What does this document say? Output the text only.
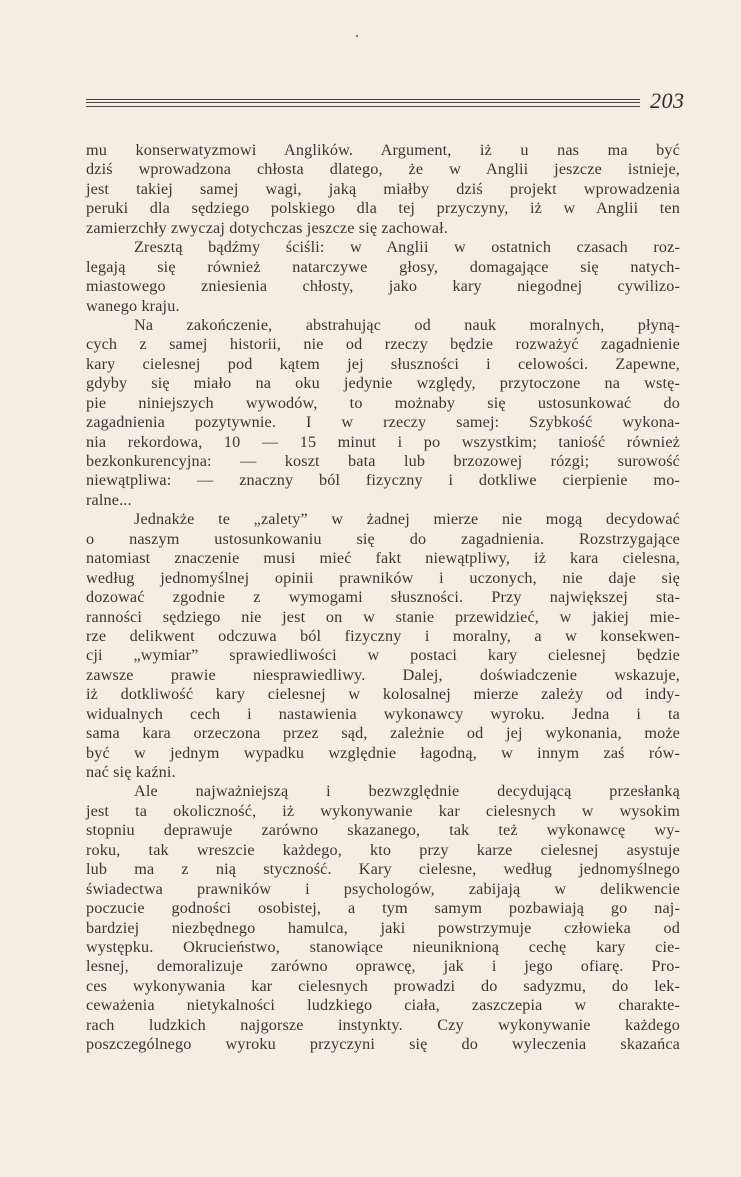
203
mu konserwatyzmowi Anglików. Argument, iż u nas ma być
dziś wprowadzona chłosta dlatego, że w Anglii jeszcze istnieje,
jest takiej samej wagi, jaką miałby dziś projekt wprowadzenia
peruki dla sędziego polskiego dla tej przyczyny, iż w Anglii ten
zamierzchły zwyczaj dotychczas jeszcze się zachował.
Zresztą bądźmy ściśli: w Anglii w ostatnich czasach roz-
legają się również natarczywe głosy, domagające się natych-
miastowego zniesienia chłosty, jako kary niegodnej cywilizo-
wanego kraju.
Na zakończenie, abstrahując od nauk moralnych, płyną-
cych z samej historii, nie od rzeczy będzie rozważyć zagadnienie
kary cielesnej pod kątem jej słuszności i celowości. Zapewne,
gdyby się miało na oku jedynie względy, przytoczone na wstę-
pie niniejszych wywodów, to możnaby się ustosunkować do
zagadnienia pozytywnie. I w rzeczy samej: Szybkość wykona-
nia rekordowa, 10 — 15 minut i po wszystkim; taniość również
bezkonkurencyjna: — koszt bata lub brzozowej rózgi; surowość
niewątpliwa: — znaczny ból fizyczny i dotkliwe cierpienie mo-
ralne...
Jednakże te „zalety” w żadnej mierze nie mogą decydować
o naszym ustosunkowaniu się do zagadnienia. Rozstrzygające
natomiast znaczenie musi mieć fakt niewątpliwy, iż kara cielesna,
według jednomyślnej opinii prawników i uczonych, nie daje się
dozować zgodnie z wymogami słuszności. Przy największej sta-
ranności sędziego nie jest on w stanie przewidzieć, w jakiej mie-
rze delikwent odczuwa ból fizyczny i moralny, a w konsekwen-
cji „wymiar” sprawiedliwości w postaci kary cielesnej będzie
zawsze prawie niesprawiedliwy. Dalej, doświadczenie wskazuje,
iż dotkliwość kary cielesnej w kolosalnej mierze zależy od indy-
widualnych cech i nastawienia wykonawcy wyroku. Jedna i ta
sama kara orzeczona przez sąd, zależnie od jej wykonania, może
być w jednym wypadku względnie łagodną, w innym zaś rów-
nać się kaźni.
Ale najważniejszą i bezwzględnie decydującą przesłanką
jest ta okoliczność, iż wykonywanie kar cielesnych w wysokim
stopniu deprawuje zarówno skazanego, tak też wykonawcę wy-
roku, tak wreszcie każdego, kto przy karze cielesnej asystuje
lub ma z nią styczność. Kary cielesne, według jednomyślnego
świadectwa prawników i psychologów, zabijają w delikwencie
poczucie godności osobistej, a tym samym pozbawiają go naj-
bardziej niezbędnego hamulca, jaki powstrzymuje człowieka od
występku. Okrucieństwo, stanowiące nieuniknioną cechę kary cie-
lesnej, demoralizuje zarówno oprawcę, jak i jego ofiarę. Pro-
ces wykonywania kar cielesnych prowadzi do sadyzmu, do lek-
ceważenia nietykalności ludzkiego ciała, zaszczepia w charakte-
rach ludzkich najgorsze instynkty. Czy wykonywanie każdego
poszczególnego wyroku przyczyni się do wyleczenia skazańca
